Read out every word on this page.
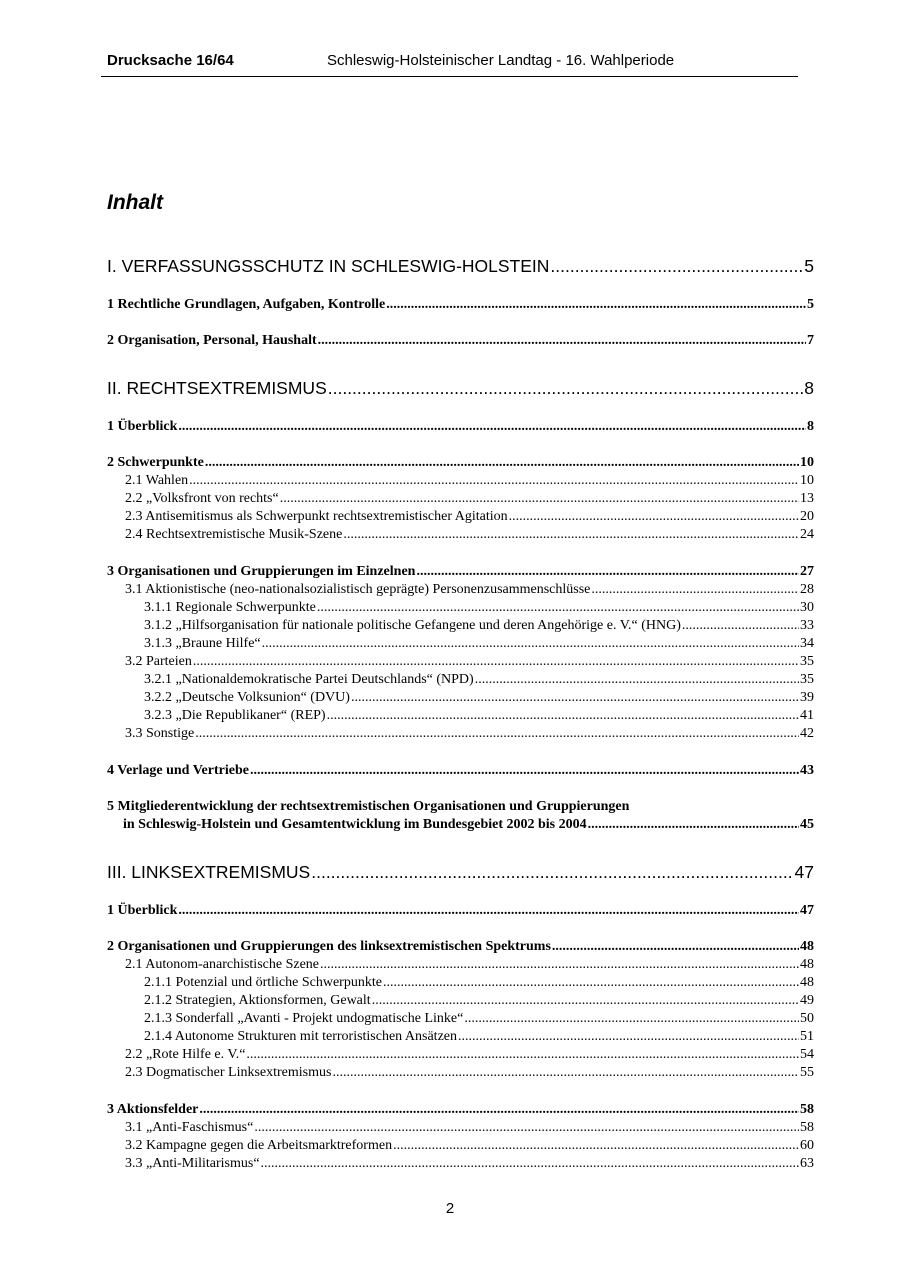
Drucksache 16/64	Schleswig-Holsteinischer Landtag - 16. Wahlperiode
Inhalt
I. VERFASSUNGSSCHUTZ IN SCHLESWIG-HOLSTEIN .....	5
1 Rechtliche Grundlagen, Aufgaben, Kontrolle .....	5
2 Organisation, Personal, Haushalt .....	7
II. RECHTSEXTREMISMUS .....	8
1 Überblick .....	8
2 Schwerpunkte .....	10
2.1 Wahlen .....	10
2.2 „Volksfront von rechts“ .....	13
2.3 Antisemitismus als Schwerpunkt rechtsextremistischer Agitation .....	20
2.4 Rechtsextremistische Musik-Szene .....	24
3 Organisationen und Gruppierungen im Einzelnen .....	27
3.1 Aktionistische (neo-nationalsozialistisch geprägte) Personenzusammenschlüsse .....	28
3.1.1 Regionale Schwerpunkte .....	30
3.1.2 „Hilfsorganisation für nationale politische Gefangene und deren Angehörige e. V.“ (HNG) .....	33
3.1.3 „Braune Hilfe“ .....	34
3.2 Parteien .....	35
3.2.1 „Nationaldemokratische Partei Deutschlands“ (NPD) .....	35
3.2.2 „Deutsche Volksunion“ (DVU) .....	39
3.2.3 „Die Republikaner“ (REP) .....	41
3.3 Sonstige .....	42
4 Verlage und Vertriebe .....	43
5 Mitgliederentwicklung der rechtsextremistischen Organisationen und Gruppierungen
in Schleswig-Holstein und Gesamtentwicklung im Bundesgebiet 2002 bis 2004 .....	45
III. LINKSEXTREMISMUS .....	47
1 Überblick .....	47
2 Organisationen und Gruppierungen des linksextremistischen Spektrums .....	48
2.1 Autonom-anarchistische Szene .....	48
2.1.1 Potenzial und örtliche Schwerpunkte .....	48
2.1.2 Strategien, Aktionsformen, Gewalt .....	49
2.1.3 Sonderfall „Avanti - Projekt undogmatische Linke“ .....	50
2.1.4 Autonome Strukturen mit terroristischen Ansätzen .....	51
2.2 „Rote Hilfe e. V.“ .....	54
2.3 Dogmatischer Linksextremismus .....	55
3 Aktionsfelder .....	58
3.1 „Anti-Faschismus“ .....	58
3.2 Kampagne gegen die Arbeitsmarktreformen .....	60
3.3 „Anti-Militarismus“ .....	63
2
